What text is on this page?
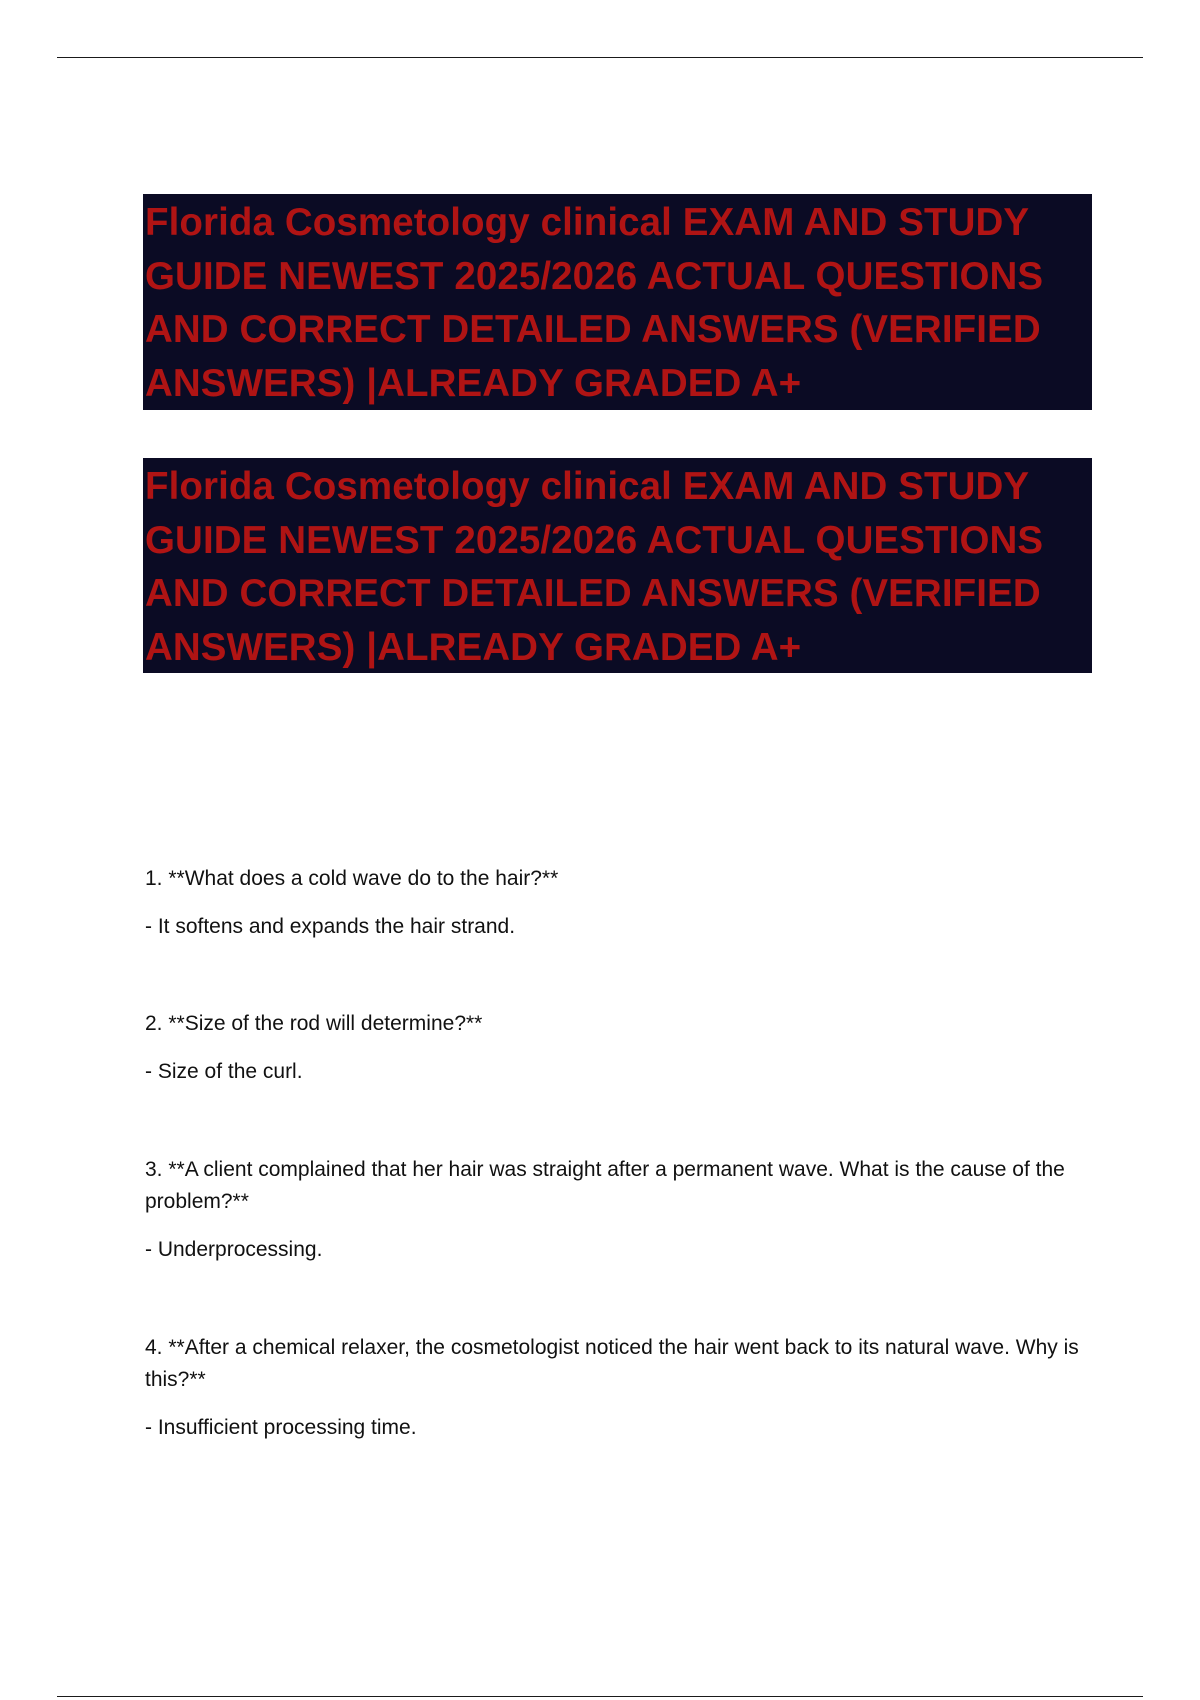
Florida Cosmetology clinical EXAM AND STUDY GUIDE NEWEST 2025/2026 ACTUAL QUESTIONS AND CORRECT DETAILED ANSWERS (VERIFIED ANSWERS) |ALREADY GRADED A+
Florida Cosmetology clinical EXAM AND STUDY GUIDE NEWEST 2025/2026 ACTUAL QUESTIONS AND CORRECT DETAILED ANSWERS (VERIFIED ANSWERS) |ALREADY GRADED A+
1. **What does a cold wave do to the hair?**
- It softens and expands the hair strand.
2. **Size of the rod will determine?**
- Size of the curl.
3. **A client complained that her hair was straight after a permanent wave. What is the cause of the problem?**
- Underprocessing.
4. **After a chemical relaxer, the cosmetologist noticed the hair went back to its natural wave. Why is this?**
- Insufficient processing time.
